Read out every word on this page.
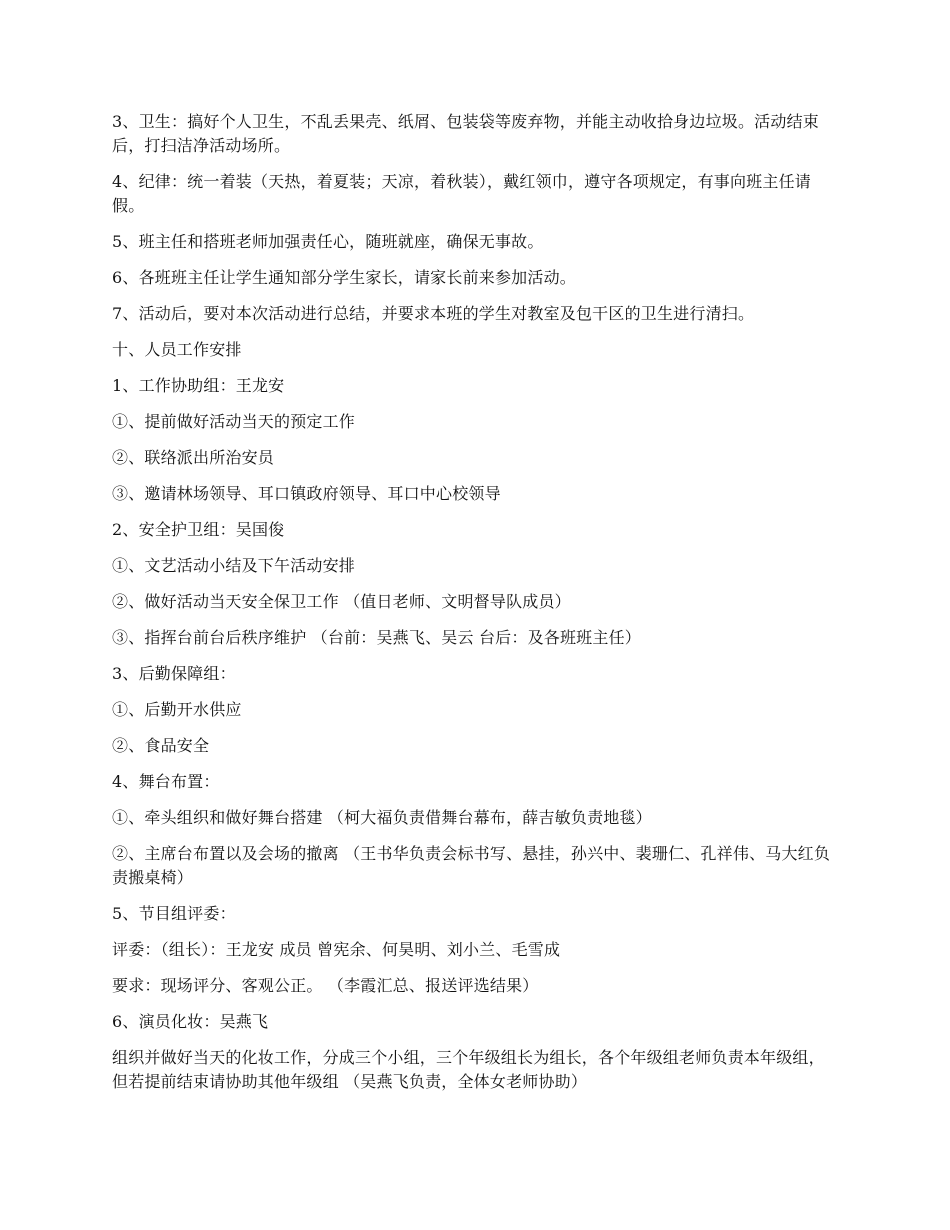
3、卫生：搞好个人卫生，不乱丢果壳、纸屑、包装袋等废弃物，并能主动收拾身边垃圾。活动结束后，打扫洁净活动场所。

4、纪律：统一着装（天热，着夏装；天凉，着秋装），戴红领巾，遵守各项规定，有事向班主任请假。

5、班主任和搭班老师加强责任心，随班就座，确保无事故。

6、各班班主任让学生通知部分学生家长，请家长前来参加活动。

7、活动后，要对本次活动进行总结，并要求本班的学生对教室及包干区的卫生进行清扫。

十、人员工作安排

1、工作协助组：王龙安

①、提前做好活动当天的预定工作

②、联络派出所治安员

③、邀请林场领导、耳口镇政府领导、耳口中心校领导

2、安全护卫组：吴国俊

①、文艺活动小结及下午活动安排

②、做好活动当天安全保卫工作 （值日老师、文明督导队成员）

③、指挥台前台后秩序维护 （台前：吴燕飞、吴云 台后：及各班班主任）

3、后勤保障组：

①、后勤开水供应

②、食品安全

4、舞台布置：

①、牵头组织和做好舞台搭建 （柯大福负责借舞台幕布，薛吉敏负责地毯）

②、主席台布置以及会场的撤离 （王书华负责会标书写、悬挂，孙兴中、裴珊仁、孔祥伟、马大红负责搬桌椅）

5、节目组评委：

评委：（组长）：王龙安 成员 曾宪余、何昊明、刘小兰、毛雪成

要求：现场评分、客观公正。 （李霞汇总、报送评选结果）

6、演员化妆：吴燕飞

组织并做好当天的化妆工作，分成三个小组，三个年级组长为组长，各个年级组老师负责本年级组，但若提前结束请协助其他年级组 （吴燕飞负责，全体女老师协助）
